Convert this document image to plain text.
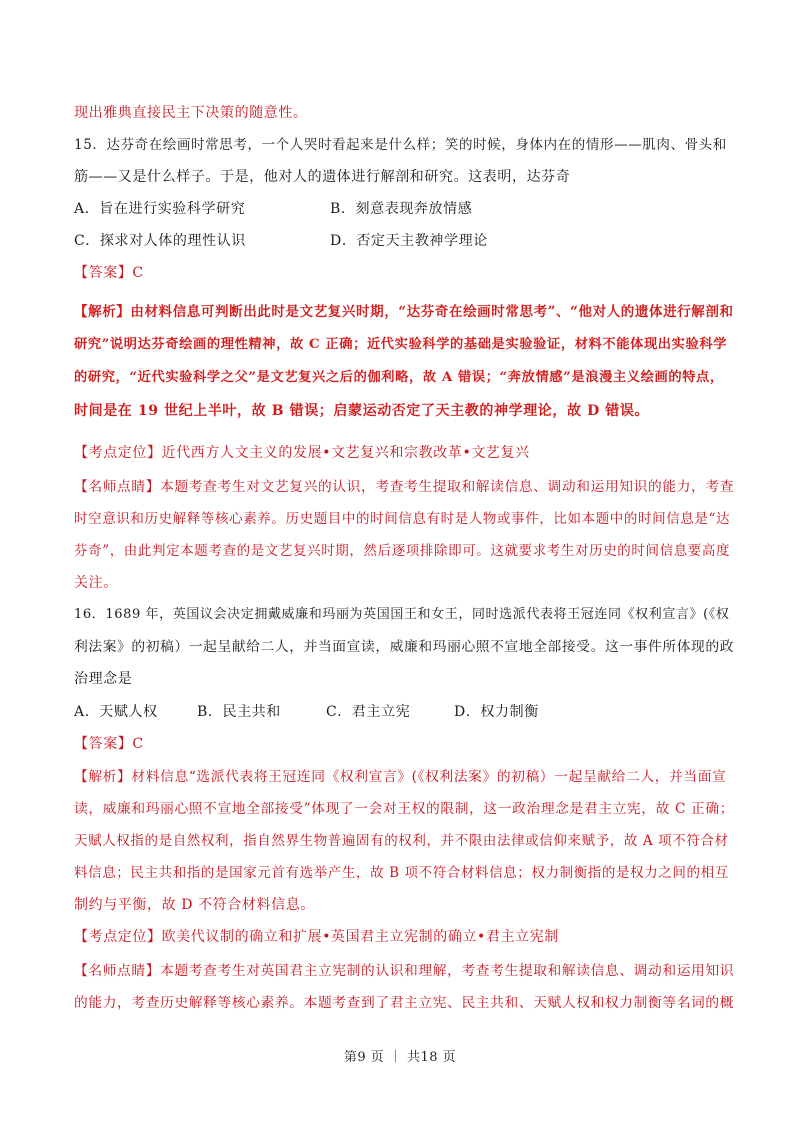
现出雅典直接民主下决策的随意性。
15．达芬奇在绘画时常思考，一个人哭时看起来是什么样；笑的时候，身体内在的情形——肌肉、骨头和
筋——又是什么样子。于是，他对人的遗体进行解剖和研究。这表明，达芬奇
A．旨在进行实验科学研究	B．刻意表现奔放情感
C．探求对人体的理性认识	D．否定天主教神学理论
【答案】C
【解析】由材料信息可判断出此时是文艺复兴时期，“达芬奇在绘画时常思考”、“他对人的遗体进行解剖和
研究”说明达芬奇绘画的理性精神，故 C 正确；近代实验科学的基础是实验验证，材料不能体现出实验科学
的研究，“近代实验科学之父”是文艺复兴之后的伽利略，故 A 错误；“奔放情感”是浪漫主义绘画的特点，
时间是在 19 世纪上半叶，故 B 错误；启蒙运动否定了天主教的神学理论，故 D 错误。
【考点定位】近代西方人文主义的发展•文艺复兴和宗教改革•文艺复兴
【名师点睛】本题考查考生对文艺复兴的认识，考查考生提取和解读信息、调动和运用知识的能力，考查
时空意识和历史解释等核心素养。历史题目中的时间信息有时是人物或事件，比如本题中的时间信息是“达
芬奇”，由此判定本题考查的是文艺复兴时期，然后逐项排除即可。这就要求考生对历史的时间信息要高度
关注。
16．1689 年，英国议会决定拥戴威廉和玛丽为英国国王和女王，同时选派代表将王冠连同《权利宣言》(《权
利法案》的初稿）一起呈献给二人，并当面宣读，威廉和玛丽心照不宣地全部接受。这一事件所体现的政
治理念是
A．天赋人权	B．民主共和	C．君主立宪	D．权力制衡
【答案】C
【解析】材料信息“选派代表将王冠连同《权利宣言》(《权利法案》的初稿）一起呈献给二人，并当面宣
读，威廉和玛丽心照不宣地全部接受”体现了一会对王权的限制，这一政治理念是君主立宪，故 C 正确；
天赋人权指的是自然权利，指自然界生物普遍固有的权利，并不限由法律或信仰来赋予，故 A 项不符合材
料信息；民主共和指的是国家元首有选举产生，故 B 项不符合材料信息；权力制衡指的是权力之间的相互
制约与平衡，故 D 不符合材料信息。
【考点定位】欧美代议制的确立和扩展•英国君主立宪制的确立•君主立宪制
【名师点睛】本题考查考生对英国君主立宪制的认识和理解，考查考生提取和解读信息、调动和运用知识
的能力，考查历史解释等核心素养。本题考查到了君主立宪、民主共和、天赋人权和权力制衡等名词的概
第9 页 ｜ 共18 页
